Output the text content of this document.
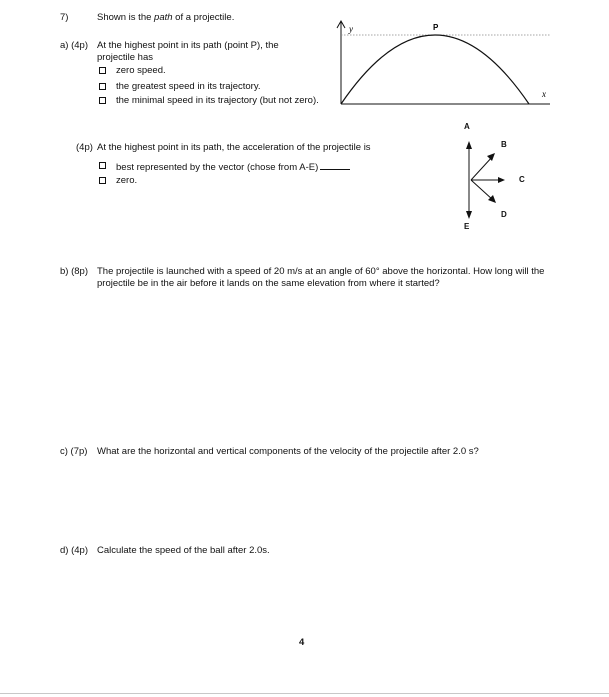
7)	Shown is the path of a projectile.
a) (4p) At the highest point in its path (point P), the projectile has
zero speed.
the greatest speed in its trajectory.
the minimal speed in its trajectory (but not zero).
y
x
P
(4p) At the highest point in its path, the acceleration of the projectile is
best represented by the vector (chose from A-E)
zero.
A
B
C
D
E
b) (8p) The projectile is launched with a speed of 20 m/s at an angle of 60° above the horizontal. How long will the projectile be in the air before it lands on the same elevation from where it started?
c) (7p) What are the horizontal and vertical components of the velocity of the projectile after 2.0 s?
d) (4p) Calculate the speed of the ball after 2.0s.
4
